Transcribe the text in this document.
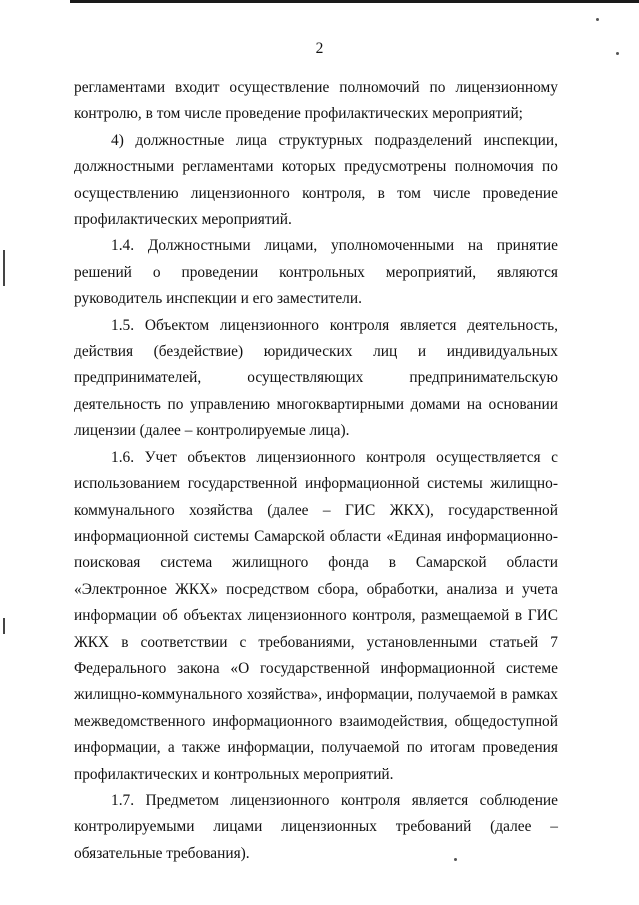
2

регламентами входит осуществление полномочий по лицензионному контролю, в том числе проведение профилактических мероприятий;

4) должностные лица структурных подразделений инспекции, должностными регламентами которых предусмотрены полномочия по осуществлению лицензионного контроля, в том числе проведение профилактических мероприятий.

1.4. Должностными лицами, уполномоченными на принятие решений о проведении контрольных мероприятий, являются руководитель инспекции и его заместители.

1.5. Объектом лицензионного контроля является деятельность, действия (бездействие) юридических лиц и индивидуальных предпринимателей, осуществляющих предпринимательскую деятельность по управлению многоквартирными домами на основании лицензии (далее – контролируемые лица).

1.6. Учет объектов лицензионного контроля осуществляется с использованием государственной информационной системы жилищно-коммунального хозяйства (далее – ГИС ЖКХ), государственной информационной системы Самарской области «Единая информационно-поисковая система жилищного фонда в Самарской области «Электронное ЖКХ» посредством сбора, обработки, анализа и учета информации об объектах лицензионного контроля, размещаемой в ГИС ЖКХ в соответствии с требованиями, установленными статьей 7 Федерального закона «О государственной информационной системе жилищно-коммунального хозяйства», информации, получаемой в рамках межведомственного информационного взаимодействия, общедоступной информации, а также информации, получаемой по итогам проведения профилактических и контрольных мероприятий.

1.7. Предметом лицензионного контроля является соблюдение контролируемыми лицами лицензионных требований (далее – обязательные требования).
